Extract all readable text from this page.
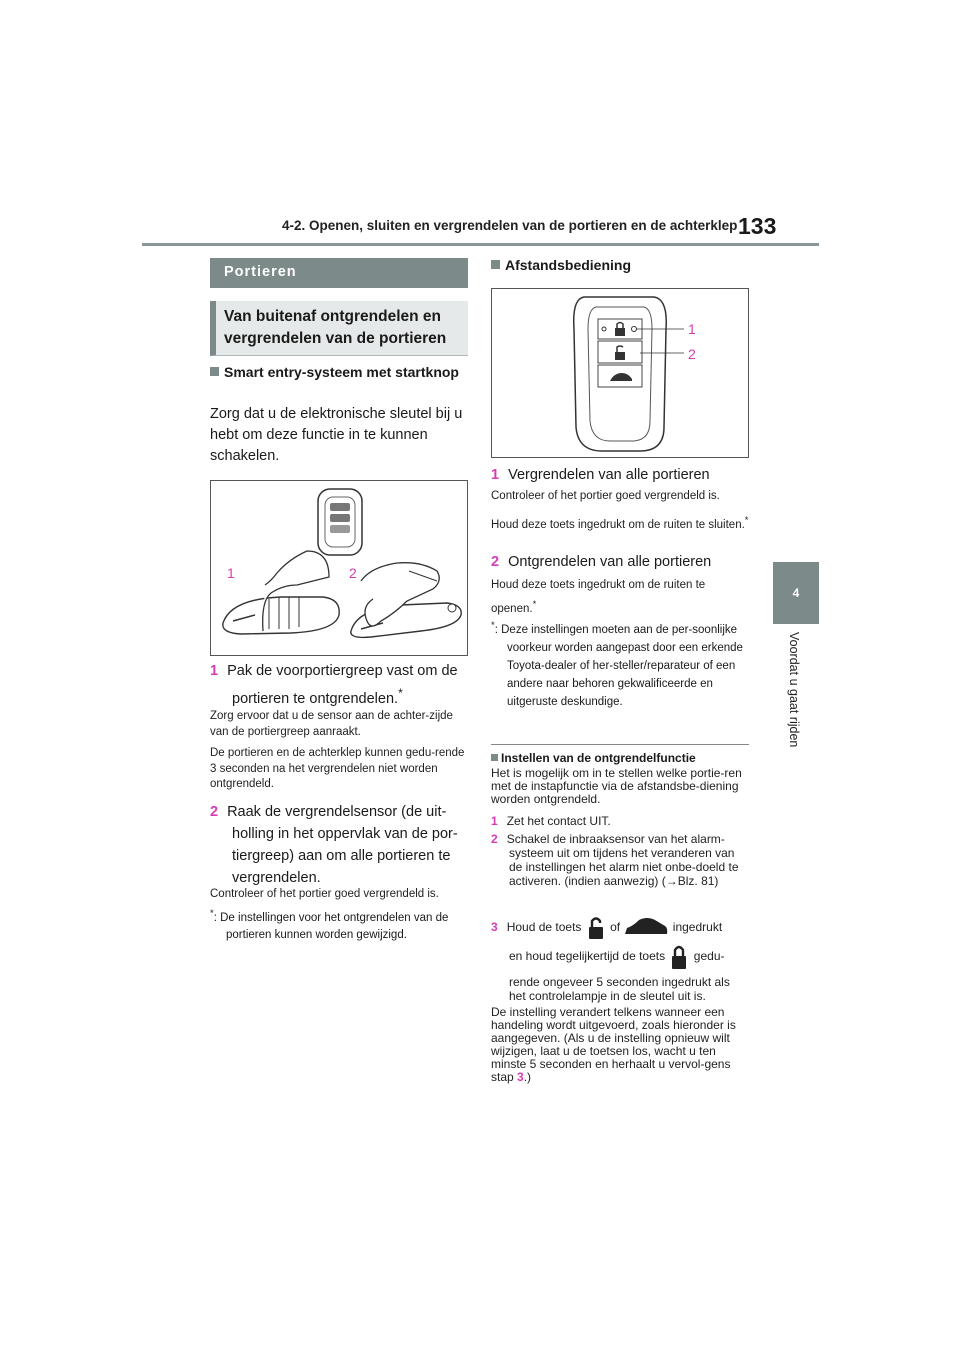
4-2. Openen, sluiten en vergrendelen van de portieren en de achterklep 133
4
Voordat u gaat rijden
Portieren
Van buitenaf ontgrendelen en vergrendelen van de portieren
Smart entry-systeem met startknop
Zorg dat u de elektronische sleutel bij u hebt om deze functie in te kunnen schakelen.
1	2
1 Pak de voorportiergreep vast om de portieren te ontgrendelen.*
Zorg ervoor dat u de sensor aan de achter-zijde van de portiergreep aanraakt.
De portieren en de achterklep kunnen gedu-rende 3 seconden na het vergrendelen niet worden ontgrendeld.
2 Raak de vergrendelsensor (de uit-holling in het oppervlak van de por-tiergreep) aan om alle portieren te vergrendelen.
Controleer of het portier goed vergrendeld is.
*: De instellingen voor het ontgrendelen van de portieren kunnen worden gewijzigd.
Afstandsbediening
1
2
1 Vergrendelen van alle portieren
Controleer of het portier goed vergrendeld is.
Houd deze toets ingedrukt om de ruiten te sluiten.*
2 Ontgrendelen van alle portieren
Houd deze toets ingedrukt om de ruiten te openen.*
*: Deze instellingen moeten aan de per-soonlijke voorkeur worden aangepast door een erkende Toyota-dealer of her-steller/reparateur of een andere naar behoren gekwalificeerde en uitgeruste deskundige.
Instellen van de ontgrendelfunctie
Het is mogelijk om in te stellen welke portie-ren met de instapfunctie via de afstandsbe-diening worden ontgrendeld.
1 Zet het contact UIT.
2 Schakel de inbraaksensor van het alarm-systeem uit om tijdens het veranderen van de instellingen het alarm niet onbe-doeld te activeren. (indien aanwezig) (→Blz. 81)
3 Houd de toets of	ingedrukt
en houd tegelijkertijd de toets gedu-
rende ongeveer 5 seconden ingedrukt als het controlelampje in de sleutel uit is.
De instelling verandert telkens wanneer een handeling wordt uitgevoerd, zoals hieronder is aangegeven. (Als u de instelling opnieuw wilt wijzigen, laat u de toetsen los, wacht u ten minste 5 seconden en herhaalt u vervol-gens stap 3.)
